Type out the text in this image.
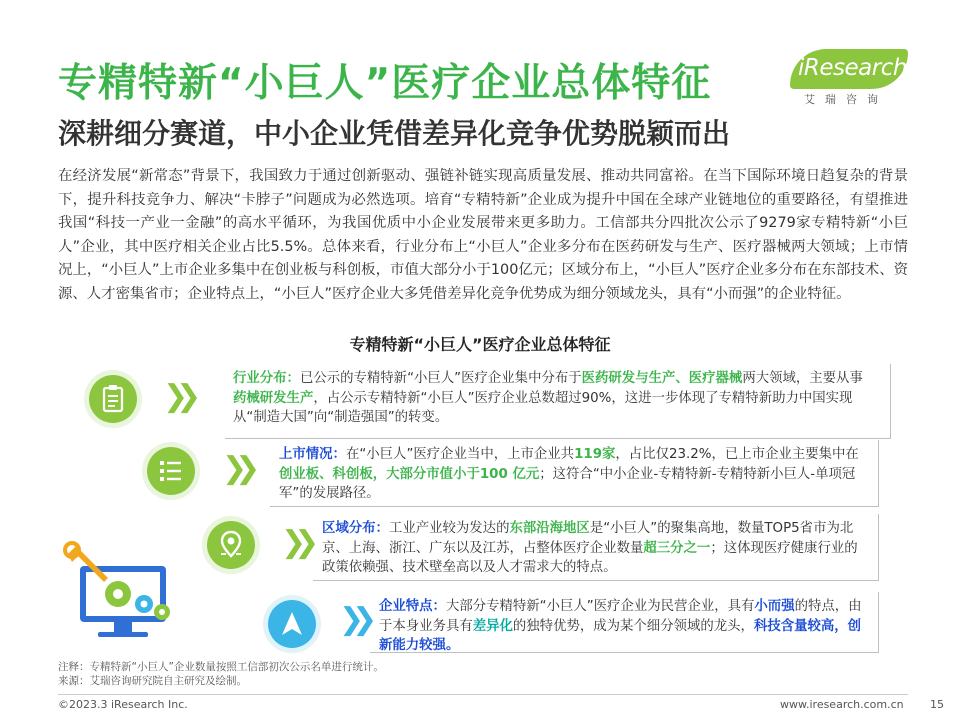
专精特新“小巨人”医疗企业总体特征
深耕细分赛道，中小企业凭借差异化竞争优势脱颖而出
iResearch
艾瑞咨询
在经济发展“新常态”背景下，我国致力于通过创新驱动、强链补链实现高质量发展、推动共同富裕。在当下国际环境日趋复杂的背景下，提升科技竞争力、解决“卡脖子”问题成为必然选项。培育“专精特新”企业成为提升中国在全球产业链地位的重要路径，有望推进我国“科技一产业一金融”的高水平循环，为我国优质中小企业发展带来更多助力。工信部共分四批次公示了9279家专精特新“小巨人”企业，其中医疗相关企业占比5.5%。总体来看，行业分布上“小巨人”企业多分布在医药研发与生产、医疗器械两大领域；上市情况上，“小巨人”上市企业多集中在创业板与科创板，市值大部分小于100亿元；区域分布上，“小巨人”医疗企业多分布在东部技术、资源、人才密集省市；企业特点上，“小巨人”医疗企业大多凭借差异化竞争优势成为细分领域龙头，具有“小而强”的企业特征。
专精特新“小巨人”医疗企业总体特征
❯❯
行业分布：已公示的专精特新“小巨人”医疗企业集中分布于医药研发与生产、医疗器械两大领域，主要从事药械研发生产，占公示专精特新“小巨人”医疗企业总数超过90%，这进一步体现了专精特新助力中国实现从“制造大国”向“制造强国”的转变。
❯❯ 上市情况：在“小巨人”医疗企业当中，上市企业共119家，占比仅23.2%，已上市企业主要集中在创业板、科创板，大部分市值小于100 亿元；这符合“中小企业-专精特新-专精特新小巨人-单项冠军”的发展路径。
❯❯ 区域分布：工业产业较为发达的东部沿海地区是“小巨人”的聚集高地，数量TOP5省市为北京、上海、浙江、广东以及江苏，占整体医疗企业数量超三分之一；这体现医疗健康行业的政策依赖强、技术壁垒高以及人才需求大的特点。
❯❯ 企业特点：大部分专精特新“小巨人”医疗企业为民营企业，具有小而强的特点，由于本身业务具有差异化的独特优势，成为某个细分领域的龙头，科技含量较高，创新能力较强。
注释：专精特新“小巨人”企业数量按照工信部初次公示名单进行统计。
来源：艾瑞咨询研究院自主研究及绘制。
©2023.3 iResearch Inc.	www.iresearch.com.cn 15
